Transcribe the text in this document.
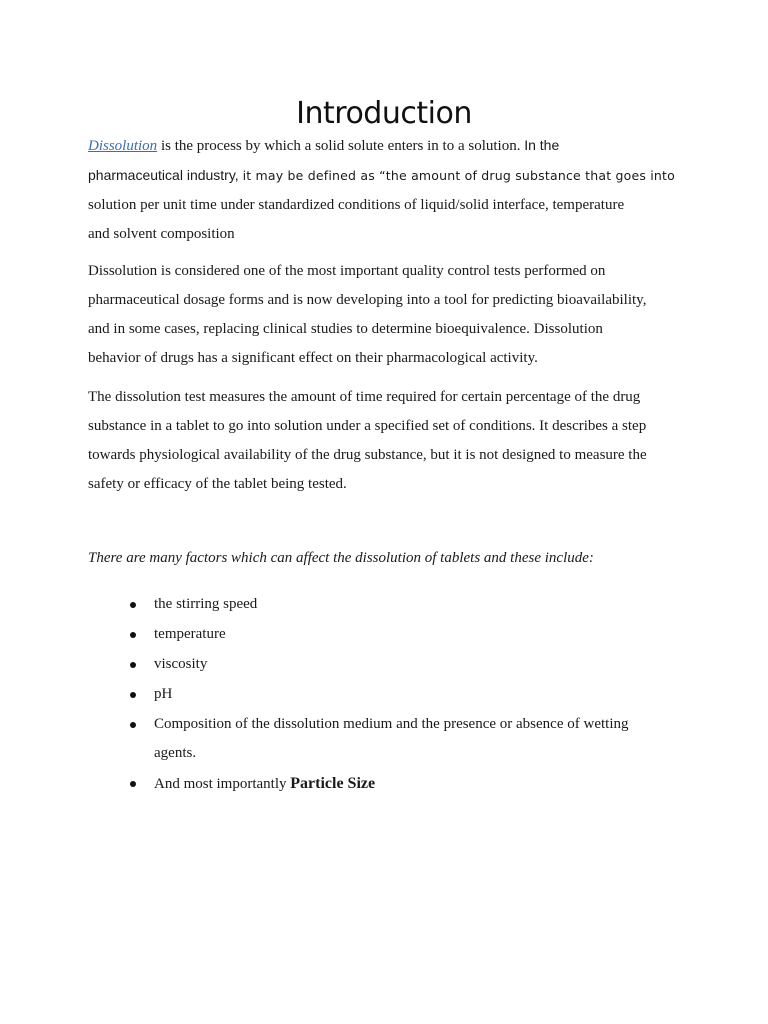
Introduction

Dissolution is the process by which a solid solute enters in to a solution. In the
pharmaceutical industry, it may be defined as “the amount of drug substance that goes into
solution per unit time under standardized conditions of liquid/solid interface, temperature
and solvent composition

Dissolution is considered one of the most important quality control tests performed on
pharmaceutical dosage forms and is now developing into a tool for predicting bioavailability,
and in some cases, replacing clinical studies to determine bioequivalence. Dissolution
behavior of drugs has a significant effect on their pharmacological activity.

The dissolution test measures the amount of time required for certain percentage of the drug
substance in a tablet to go into solution under a specified set of conditions. It describes a step
towards physiological availability of the drug substance, but it is not designed to measure the
safety or efficacy of the tablet being tested.

There are many factors which can affect the dissolution of tablets and these include:
the stirring speed
temperature
viscosity
pH
Composition of the dissolution medium and the presence or absence of wetting
agents.
And most importantly Particle Size
